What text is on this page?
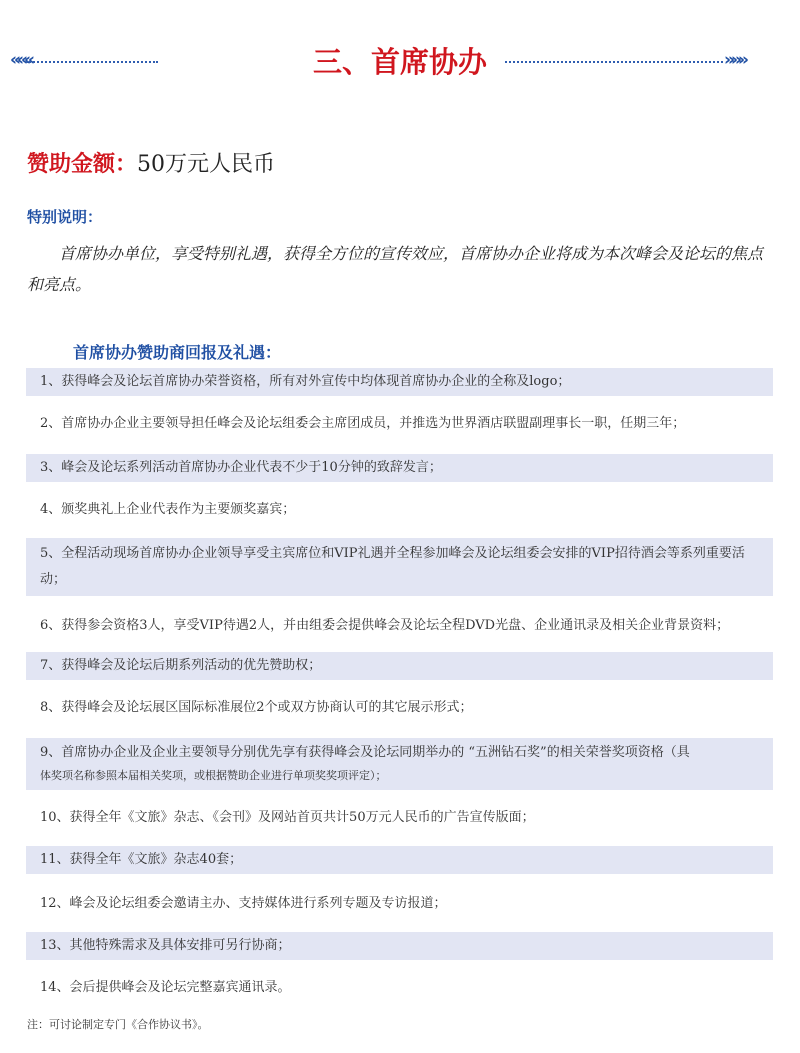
«««	三、首席协办	»»»
赞助金额：50万元人民币
特别说明：
首席协办单位，享受特别礼遇，获得全方位的宣传效应，首席协办企业将成为本次峰会及论坛的焦点和亮点。
首席协办赞助商回报及礼遇：
1、获得峰会及论坛首席协办荣誉资格，所有对外宣传中均体现首席协办企业的全称及logo；
2、首席协办企业主要领导担任峰会及论坛组委会主席团成员，并推选为世界酒店联盟副理事长一职，任期三年；
3、峰会及论坛系列活动首席协办企业代表不少于10分钟的致辞发言；
4、颁奖典礼上企业代表作为主要颁奖嘉宾；
5、全程活动现场首席协办企业领导享受主宾席位和VIP礼遇并全程参加峰会及论坛组委会安排的VIP招待酒会等系列重要活动；
6、获得参会资格3人，享受VIP待遇2人，并由组委会提供峰会及论坛全程DVD光盘、企业通讯录及相关企业背景资料；
7、获得峰会及论坛后期系列活动的优先赞助权；
8、获得峰会及论坛展区国际标准展位2个或双方协商认可的其它展示形式；
9、首席协办企业及企业主要领导分别优先享有获得峰会及论坛同期举办的 “五洲钻石奖”的相关荣誉奖项资格（具
体奖项名称参照本届相关奖项，或根据赞助企业进行单项奖奖项评定）；
10、获得全年《文旅》杂志、《会刊》及网站首页共计50万元人民币的广告宣传版面；
11、获得全年《文旅》杂志40套；
12、峰会及论坛组委会邀请主办、支持媒体进行系列专题及专访报道；
13、其他特殊需求及具体安排可另行协商；
14、会后提供峰会及论坛完整嘉宾通讯录。
注：可讨论制定专门《合作协议书》。
